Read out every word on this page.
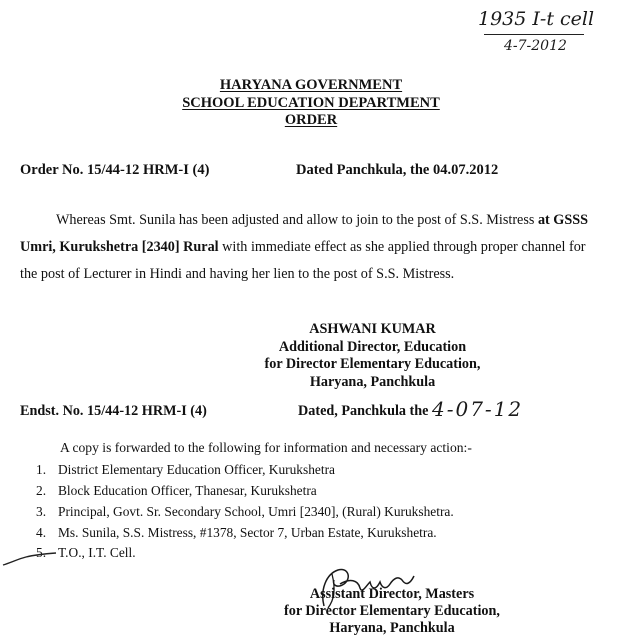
1935 I-t cell
4-7-2012
HARYANA GOVERNMENT
SCHOOL EDUCATION DEPARTMENT
ORDER
Order No. 15/44-12 HRM-I (4)	Dated Panchkula, the 04.07.2012
Whereas Smt. Sunila has been adjusted and allow to join to the post of S.S. Mistress at GSSS Umri, Kurukshetra [2340] Rural with immediate effect as she applied through proper channel for the post of Lecturer in Hindi and having her lien to the post of S.S. Mistress.
ASHWANI KUMAR
Additional Director, Education
for Director Elementary Education,
Haryana, Panchkula
Endst. No. 15/44-12 HRM-I (4)	Dated, Panchkula the 4-07-12
A copy is forwarded to the following for information and necessary action:-
1. District Elementary Education Officer, Kurukshetra
2. Block Education Officer, Thanesar, Kurukshetra
3. Principal, Govt. Sr. Secondary School, Umri [2340], (Rural) Kurukshetra.
4. Ms. Sunila, S.S. Mistress, #1378, Sector 7, Urban Estate, Kurukshetra.
5. T.O., I.T. Cell.
Assistant Director, Masters
for Director Elementary Education,
Haryana, Panchkula
